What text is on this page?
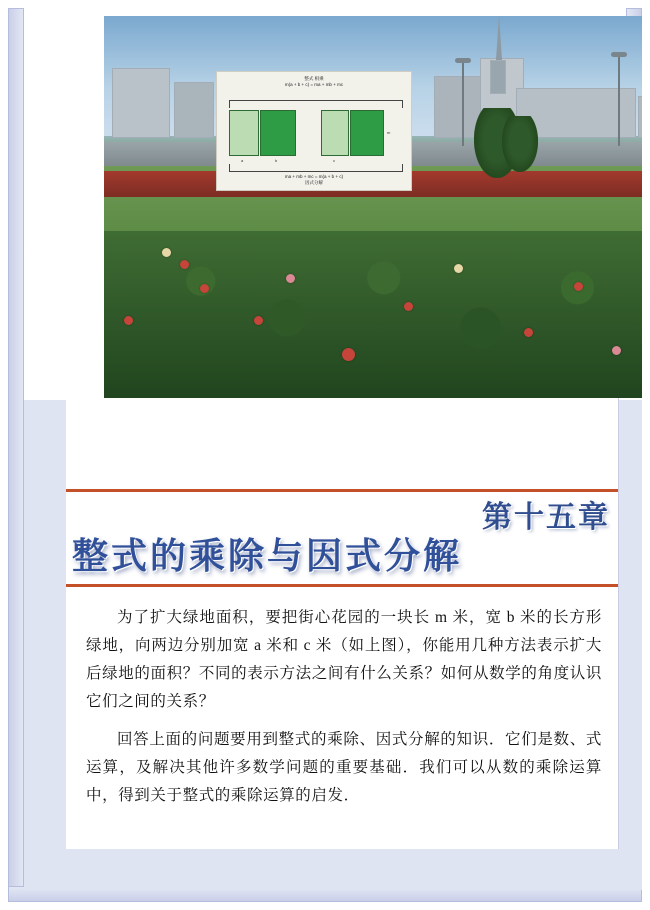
整式 相乘
m(a + b + c) = ma + mb + mc
a	b	c
m
ma + mb + mc = m(a + b + c)
因式分解
第十五章
整式的乘除与因式分解

为了扩大绿地面积，要把街心花园的一块长 m 米，宽 b 米的长方形绿地，向两边分别加宽 a 米和 c 米（如上图），你能用几种方法表示扩大后绿地的面积？不同的表示方法之间有什么关系？如何从数学的角度认识它们之间的关系？

回答上面的问题要用到整式的乘除、因式分解的知识．它们是数、式运算，及解决其他许多数学问题的重要基础．我们可以从数的乘除运算中，得到关于整式的乘除运算的启发．
